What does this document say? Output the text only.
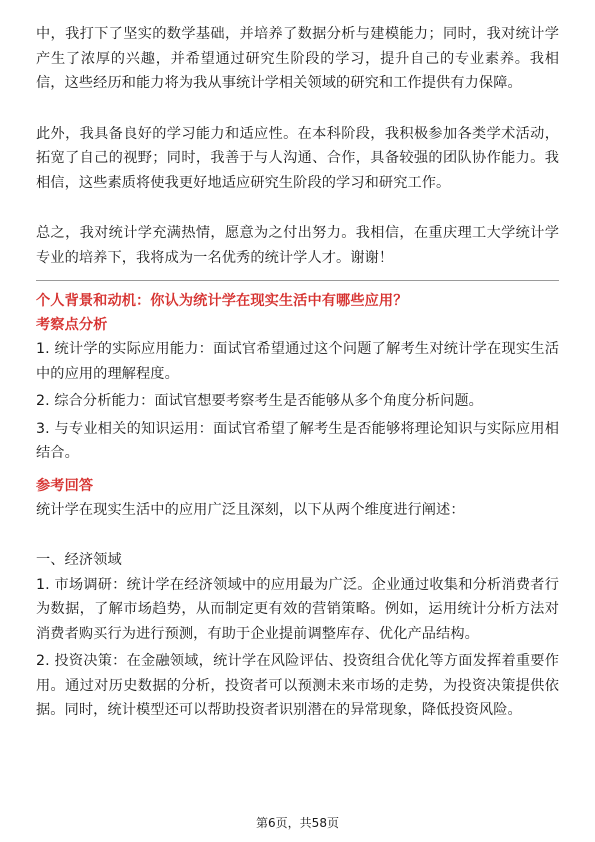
中，我打下了坚实的数学基础，并培养了数据分析与建模能力；同时，我对统计学产生了浓厚的兴趣，并希望通过研究生阶段的学习，提升自己的专业素养。我相信，这些经历和能力将为我从事统计学相关领域的研究和工作提供有力保障。

此外，我具备良好的学习能力和适应性。在本科阶段，我积极参加各类学术活动，拓宽了自己的视野；同时，我善于与人沟通、合作，具备较强的团队协作能力。我相信，这些素质将使我更好地适应研究生阶段的学习和研究工作。

总之，我对统计学充满热情，愿意为之付出努力。我相信，在重庆理工大学统计学专业的培养下，我将成为一名优秀的统计学人才。谢谢！

个人背景和动机：你认为统计学在现实生活中有哪些应用？

考察点分析

1. 统计学的实际应用能力：面试官希望通过这个问题了解考生对统计学在现实生活中的应用的理解程度。

2. 综合分析能力：面试官想要考察考生是否能够从多个角度分析问题。

3. 与专业相关的知识运用：面试官希望了解考生是否能够将理论知识与实际应用相结合。

参考回答

统计学在现实生活中的应用广泛且深刻，以下从两个维度进行阐述：

一、经济领域

1. 市场调研：统计学在经济领域中的应用最为广泛。企业通过收集和分析消费者行为数据，了解市场趋势，从而制定更有效的营销策略。例如，运用统计分析方法对消费者购买行为进行预测，有助于企业提前调整库存、优化产品结构。

2. 投资决策：在金融领域，统计学在风险评估、投资组合优化等方面发挥着重要作用。通过对历史数据的分析，投资者可以预测未来市场的走势，为投资决策提供依据。同时，统计模型还可以帮助投资者识别潜在的异常现象，降低投资风险。

第6页，共58页
